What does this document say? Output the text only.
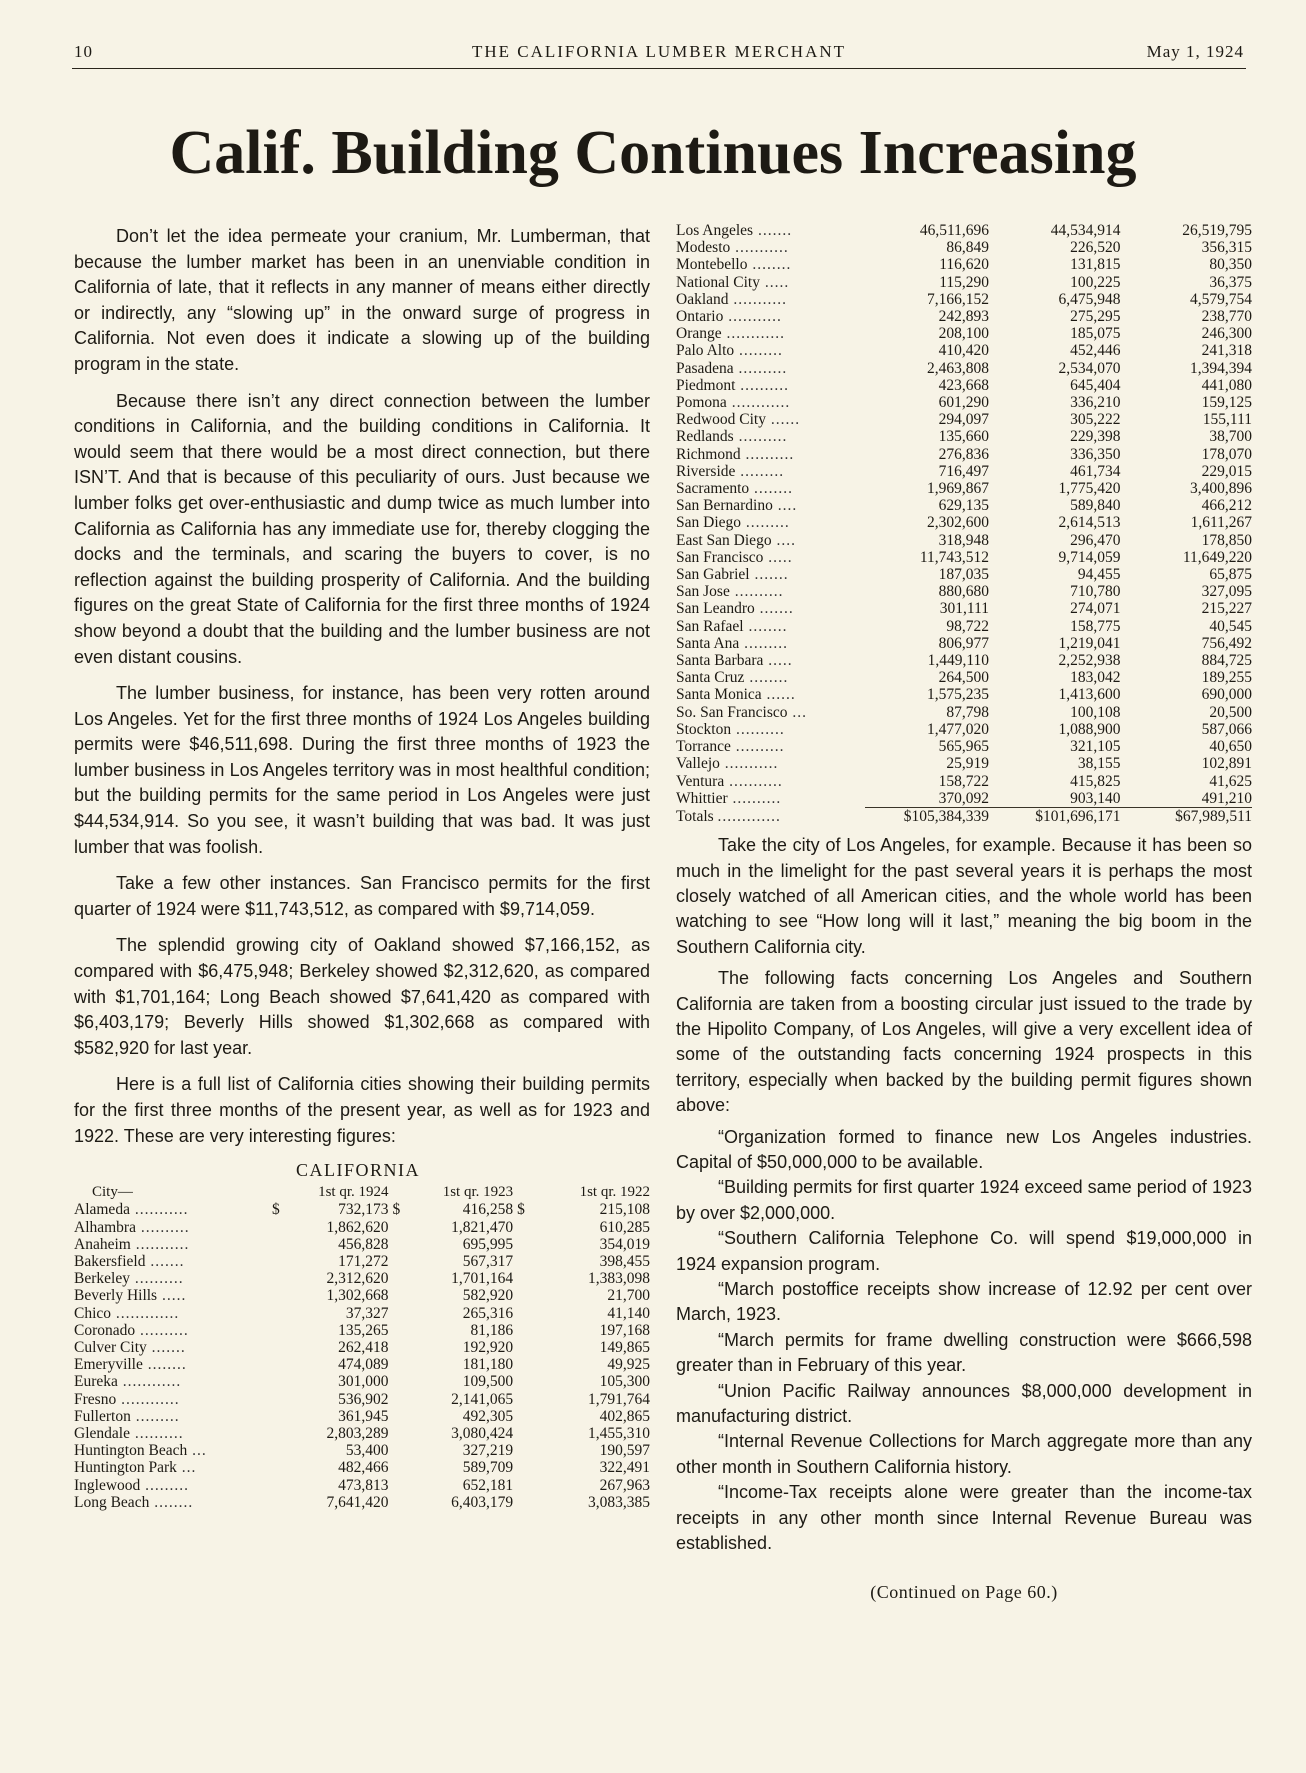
10	THE CALIFORNIA LUMBER MERCHANT	May 1, 1924
Calif. Building Continues Increasing

Don’t let the idea permeate your cranium, Mr. Lumberman, that because the lumber market has been in an unenviable condition in California of late, that it reflects in any manner of means either directly or indirectly, any “slowing up” in the onward surge of progress in California. Not even does it indicate a slowing up of the building program in the state.

Because there isn’t any direct connection between the lumber conditions in California, and the building conditions in California. It would seem that there would be a most direct connection, but there ISN’T. And that is because of this peculiarity of ours. Just because we lumber folks get over-enthusiastic and dump twice as much lumber into California as California has any immediate use for, thereby clogging the docks and the terminals, and scaring the buyers to cover, is no reflection against the building prosperity of California. And the building figures on the great State of California for the first three months of 1924 show beyond a doubt that the building and the lumber business are not even distant cousins.

The lumber business, for instance, has been very rotten around Los Angeles. Yet for the first three months of 1924 Los Angeles building permits were $46,511,698. During the first three months of 1923 the lumber business in Los Angeles territory was in most healthful condition; but the building permits for the same period in Los Angeles were just $44,534,914. So you see, it wasn’t building that was bad. It was just lumber that was foolish.

Take a few other instances. San Francisco permits for the first quarter of 1924 were $11,743,512, as compared with $9,714,059.

The splendid growing city of Oakland showed $7,166,152, as compared with $6,475,948; Berkeley showed $2,312,620, as compared with $1,701,164; Long Beach showed $7,641,420 as compared with $6,403,179; Beverly Hills showed $1,302,668 as compared with $582,920 for last year.

Here is a full list of California cities showing their building permits for the first three months of the present year, as well as for 1923 and 1922. These are very interesting figures:

CALIFORNIA
City—	1st qr. 1924	1st qr. 1923	1st qr. 1922
Alameda ...........	$ 732,173	$ 416,258	$ 215,108
Alhambra ..........	1,862,620	1,821,470	610,285
Anaheim ...........	456,828	695,995	354,019
Bakersfield .......	171,272	567,317	398,455
Berkeley ..........	2,312,620	1,701,164	1,383,098
Beverly Hills .....	1,302,668	582,920	21,700
Chico .............	37,327	265,316	41,140
Coronado ..........	135,265	81,186	197,168
Culver City .......	262,418	192,920	149,865
Emeryville ........	474,089	181,180	49,925
Eureka ............	301,000	109,500	105,300
Fresno ............	536,902	2,141,065	1,791,764
Fullerton .........	361,945	492,305	402,865
Glendale ..........	2,803,289	3,080,424	1,455,310
Huntington Beach ...	53,400	327,219	190,597
Huntington Park ...	482,466	589,709	322,491
Inglewood .........	473,813	652,181	267,963
Long Beach ........	7,641,420	6,403,179	3,083,385
Los Angeles .......	46,511,696	44,534,914	26,519,795
Modesto ...........	86,849	226,520	356,315
Montebello ........	116,620	131,815	80,350
National City .....	115,290	100,225	36,375
Oakland ...........	7,166,152	6,475,948	4,579,754
Ontario ...........	242,893	275,295	238,770
Orange ............	208,100	185,075	246,300
Palo Alto .........	410,420	452,446	241,318
Pasadena ..........	2,463,808	2,534,070	1,394,394
Piedmont ..........	423,668	645,404	441,080
Pomona ............	601,290	336,210	159,125
Redwood City ......	294,097	305,222	155,111
Redlands ..........	135,660	229,398	38,700
Richmond ..........	276,836	336,350	178,070
Riverside .........	716,497	461,734	229,015
Sacramento ........	1,969,867	1,775,420	3,400,896
San Bernardino ....	629,135	589,840	466,212
San Diego .........	2,302,600	2,614,513	1,611,267
East San Diego ....	318,948	296,470	178,850
San Francisco .....	11,743,512	9,714,059	11,649,220
San Gabriel .......	187,035	94,455	65,875
San Jose ..........	880,680	710,780	327,095
San Leandro .......	301,111	274,071	215,227
San Rafael ........	98,722	158,775	40,545
Santa Ana .........	806,977	1,219,041	756,492
Santa Barbara .....	1,449,110	2,252,938	884,725
Santa Cruz ........	264,500	183,042	189,255
Santa Monica ......	1,575,235	1,413,600	690,000
So. San Francisco ...	87,798	100,108	20,500
Stockton ..........	1,477,020	1,088,900	587,066
Torrance ..........	565,965	321,105	40,650
Vallejo ...........	25,919	38,155	102,891
Ventura ...........	158,722	415,825	41,625
Whittier ..........	370,092	903,140	491,210
Totals .............	$105,384,339	$101,696,171	$67,989,511

Take the city of Los Angeles, for example. Because it has been so much in the limelight for the past several years it is perhaps the most closely watched of all American cities, and the whole world has been watching to see “How long will it last,” meaning the big boom in the Southern California city.

The following facts concerning Los Angeles and Southern California are taken from a boosting circular just issued to the trade by the Hipolito Company, of Los Angeles, will give a very excellent idea of some of the outstanding facts concerning 1924 prospects in this territory, especially when backed by the building permit figures shown above:

“Organization formed to finance new Los Angeles industries. Capital of $50,000,000 to be available.

“Building permits for first quarter 1924 exceed same period of 1923 by over $2,000,000.

“Southern California Telephone Co. will spend $19,000,000 in 1924 expansion program.

“March postoffice receipts show increase of 12.92 per cent over March, 1923.

“March permits for frame dwelling construction were $666,598 greater than in February of this year.

“Union Pacific Railway announces $8,000,000 development in manufacturing district.

“Internal Revenue Collections for March aggregate more than any other month in Southern California history.

“Income-Tax receipts alone were greater than the income-tax receipts in any other month since Internal Revenue Bureau was established.

(Continued on Page 60.)
